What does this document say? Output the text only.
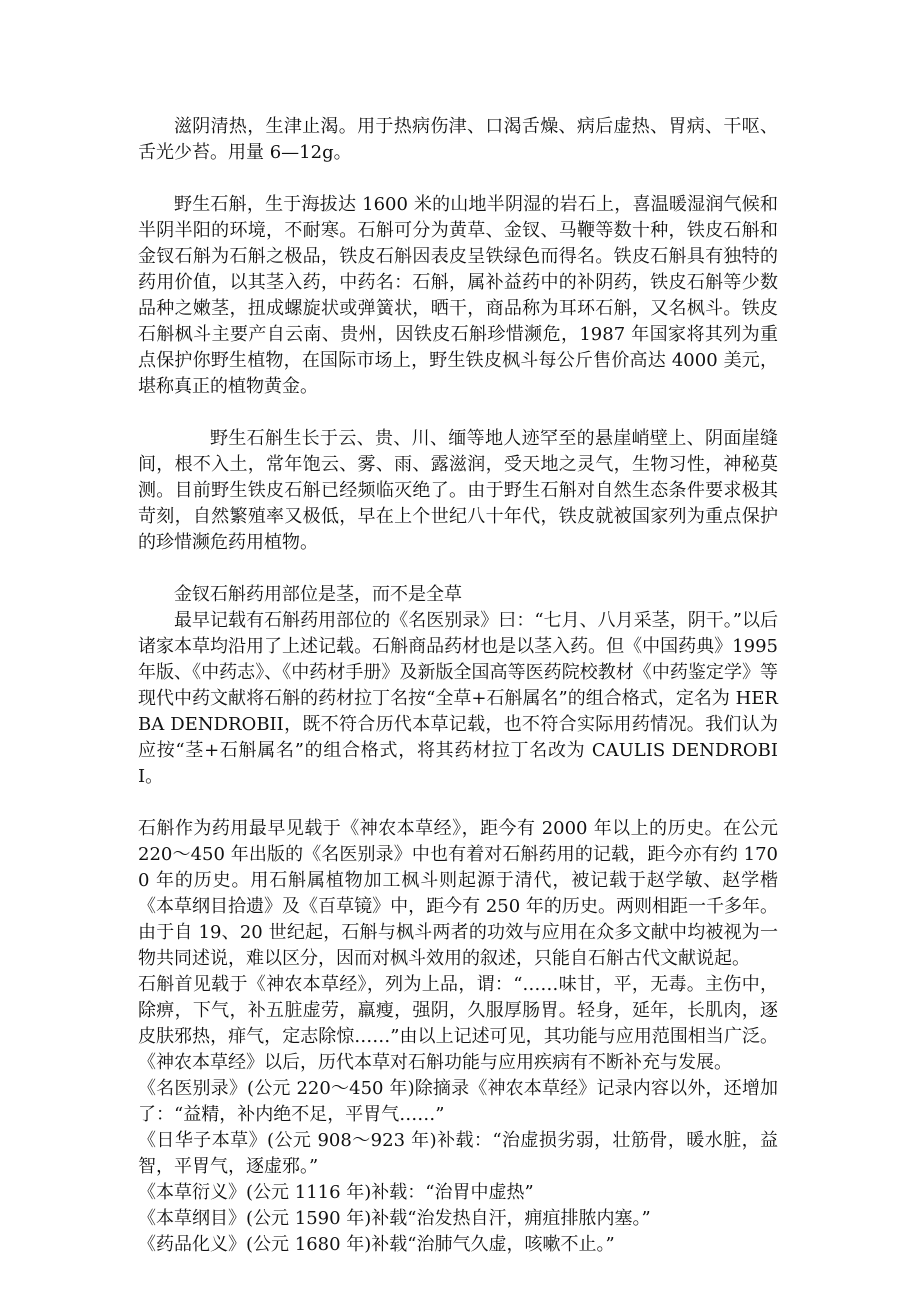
滋阴清热，生津止渴。用于热病伤津、口渴舌燥、病后虚热、胃病、干呕、舌光少苔。用量 6—12g。

野生石斛，生于海拔达 1600 米的山地半阴湿的岩石上，喜温暖湿润气候和半阴半阳的环境，不耐寒。石斛可分为黄草、金钗、马鞭等数十种，铁皮石斛和金钗石斛为石斛之极品，铁皮石斛因表皮呈铁绿色而得名。铁皮石斛具有独特的药用价值，以其茎入药，中药名：石斛，属补益药中的补阴药，铁皮石斛等少数品种之嫩茎，扭成螺旋状或弹簧状，晒干，商品称为耳环石斛，又名枫斗。铁皮石斛枫斗主要产自云南、贵州，因铁皮石斛珍惜濒危，1987 年国家将其列为重点保护你野生植物，在国际市场上，野生铁皮枫斗每公斤售价高达 4000 美元，堪称真正的植物黄金。

野生石斛生长于云、贵、川、缅等地人迹罕至的悬崖峭壁上、阴面崖缝间，根不入土，常年饱云、雾、雨、露滋润，受天地之灵气，生物习性，神秘莫测。目前野生铁皮石斛已经频临灭绝了。由于野生石斛对自然生态条件要求极其苛刻，自然繁殖率又极低，早在上个世纪八十年代，铁皮就被国家列为重点保护的珍惜濒危药用植物。

金钗石斛药用部位是茎，而不是全草

最早记载有石斛药用部位的《名医别录》曰：“七月、八月采茎，阴干。”以后诸家本草均沿用了上述记载。石斛商品药材也是以茎入药。但《中国药典》1995 年版、《中药志》、《中药材手册》及新版全国高等医药院校教材《中药鉴定学》等现代中药文献将石斛的药材拉丁名按“全草+石斛属名”的组合格式，定名为 HERBA DENDROBII，既不符合历代本草记载，也不符合实际用药情况。我们认为应按“茎+石斛属名”的组合格式，将其药材拉丁名改为 CAULIS DENDROBII。

石斛作为药用最早见载于《神农本草经》，距今有 2000 年以上的历史。在公元 220～450 年出版的《名医别录》中也有着对石斛药用的记载，距今亦有约 1700 年的历史。用石斛属植物加工枫斗则起源于清代，被记载于赵学敏、赵学楷《本草纲目拾遗》及《百草镜》中，距今有 250 年的历史。两则相距一千多年。由于自 19、20 世纪起，石斛与枫斗两者的功效与应用在众多文献中均被视为一物共同述说，难以区分，因而对枫斗效用的叙述，只能自石斛古代文献说起。

石斛首见载于《神农本草经》，列为上品，谓：“……味甘，平，无毒。主伤中，除痹，下气，补五脏虚劳，羸瘦，强阴，久服厚肠胃。轻身，延年，长肌肉，逐皮肤邪热，痱气，定志除惊……”由以上记述可见，其功能与应用范围相当广泛。《神农本草经》以后，历代本草对石斛功能与应用疾病有不断补充与发展。

《名医别录》(公元 220～450 年)除摘录《神农本草经》记录内容以外，还增加了：“益精，补内绝不足，平胃气……”

《日华子本草》(公元 908～923 年)补载：“治虚损劣弱，壮筋骨，暖水脏，益智，平胃气，逐虚邪。”

《本草衍义》(公元 1116 年)补载：“治胃中虚热”

《本草纲目》(公元 1590 年)补载“治发热自汗，痈疽排脓内塞。”

《药品化义》(公元 1680 年)补载“治肺气久虚，咳嗽不止。”
